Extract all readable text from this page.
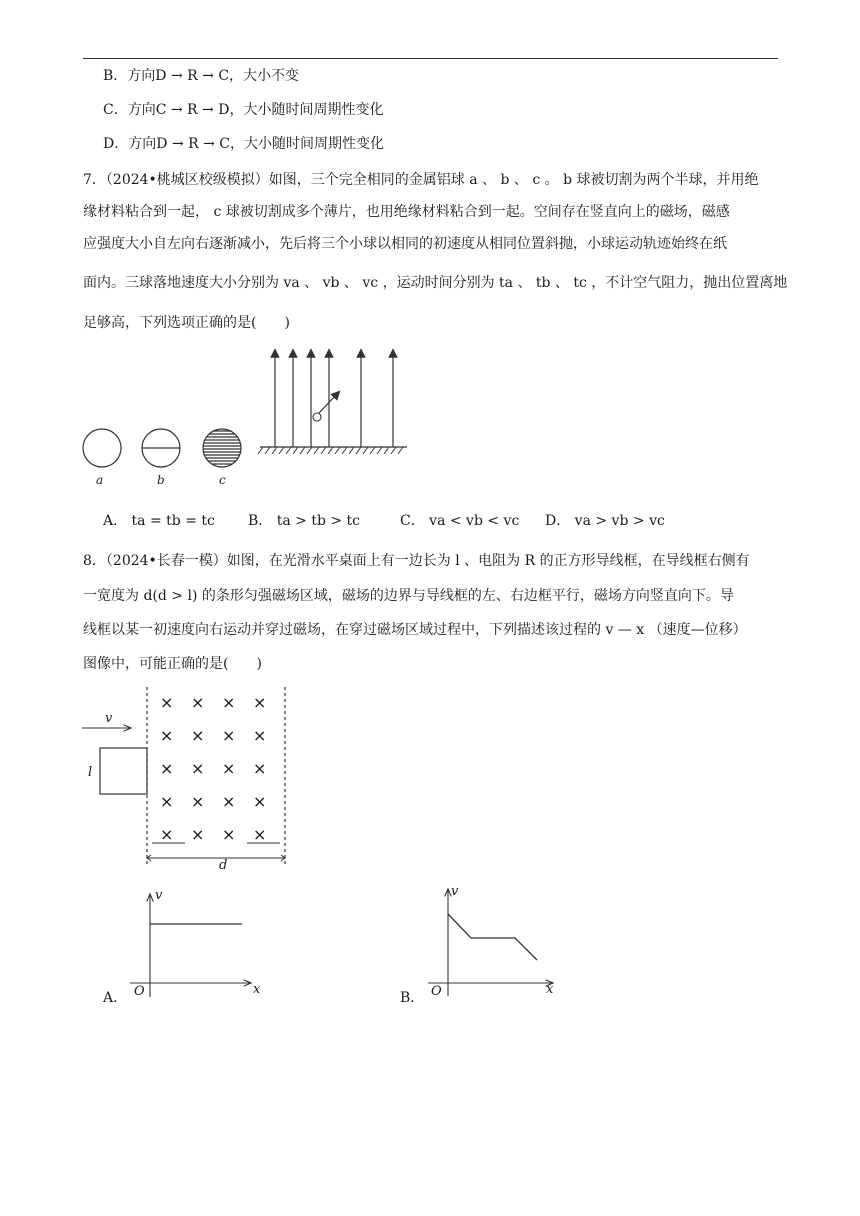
B．方向D → R → C，大小不变
C．方向C → R → D，大小随时间周期性变化
D．方向D → R → C，大小随时间周期性变化
7．（2024•桃城区校级模拟）如图，三个完全相同的金属铝球 a 、 b 、 c 。 b 球被切割为两个半球，并用绝
缘材料粘合到一起， c 球被切割成多个薄片，也用绝缘材料粘合到一起。空间存在竖直向上的磁场，磁感
应强度大小自左向右逐渐减小，先后将三个小球以相同的初速度从相同位置斜抛，小球运动轨迹始终在纸
面内。三球落地速度大小分别为 va 、 vb 、 vc ，运动时间分别为 ta 、 tb 、 tc ，不计空气阻力，抛出位置离地
足够高，下列选项正确的是(　　)
a	b	c
A． ta = tb = tc B． ta > tb > tc	C． va < vb < vc D． va > vb > vc
8．（2024•长春一模）如图，在光滑水平桌面上有一边长为 l 、电阻为 R 的正方形导线框，在导线框右侧有
一宽度为 d(d > l) 的条形匀强磁场区域，磁场的边界与导线框的左、右边框平行，磁场方向竖直向下。导
线框以某一初速度向右运动并穿过磁场，在穿过磁场区域过程中，下列描述该过程的 v — x （速度—位移）
图像中，可能正确的是(　　)
v
l
d
× × × ×
× × × ×
× × × ×
× × × ×
× × × ×
v
O	x
A．
v
O	x
B．
